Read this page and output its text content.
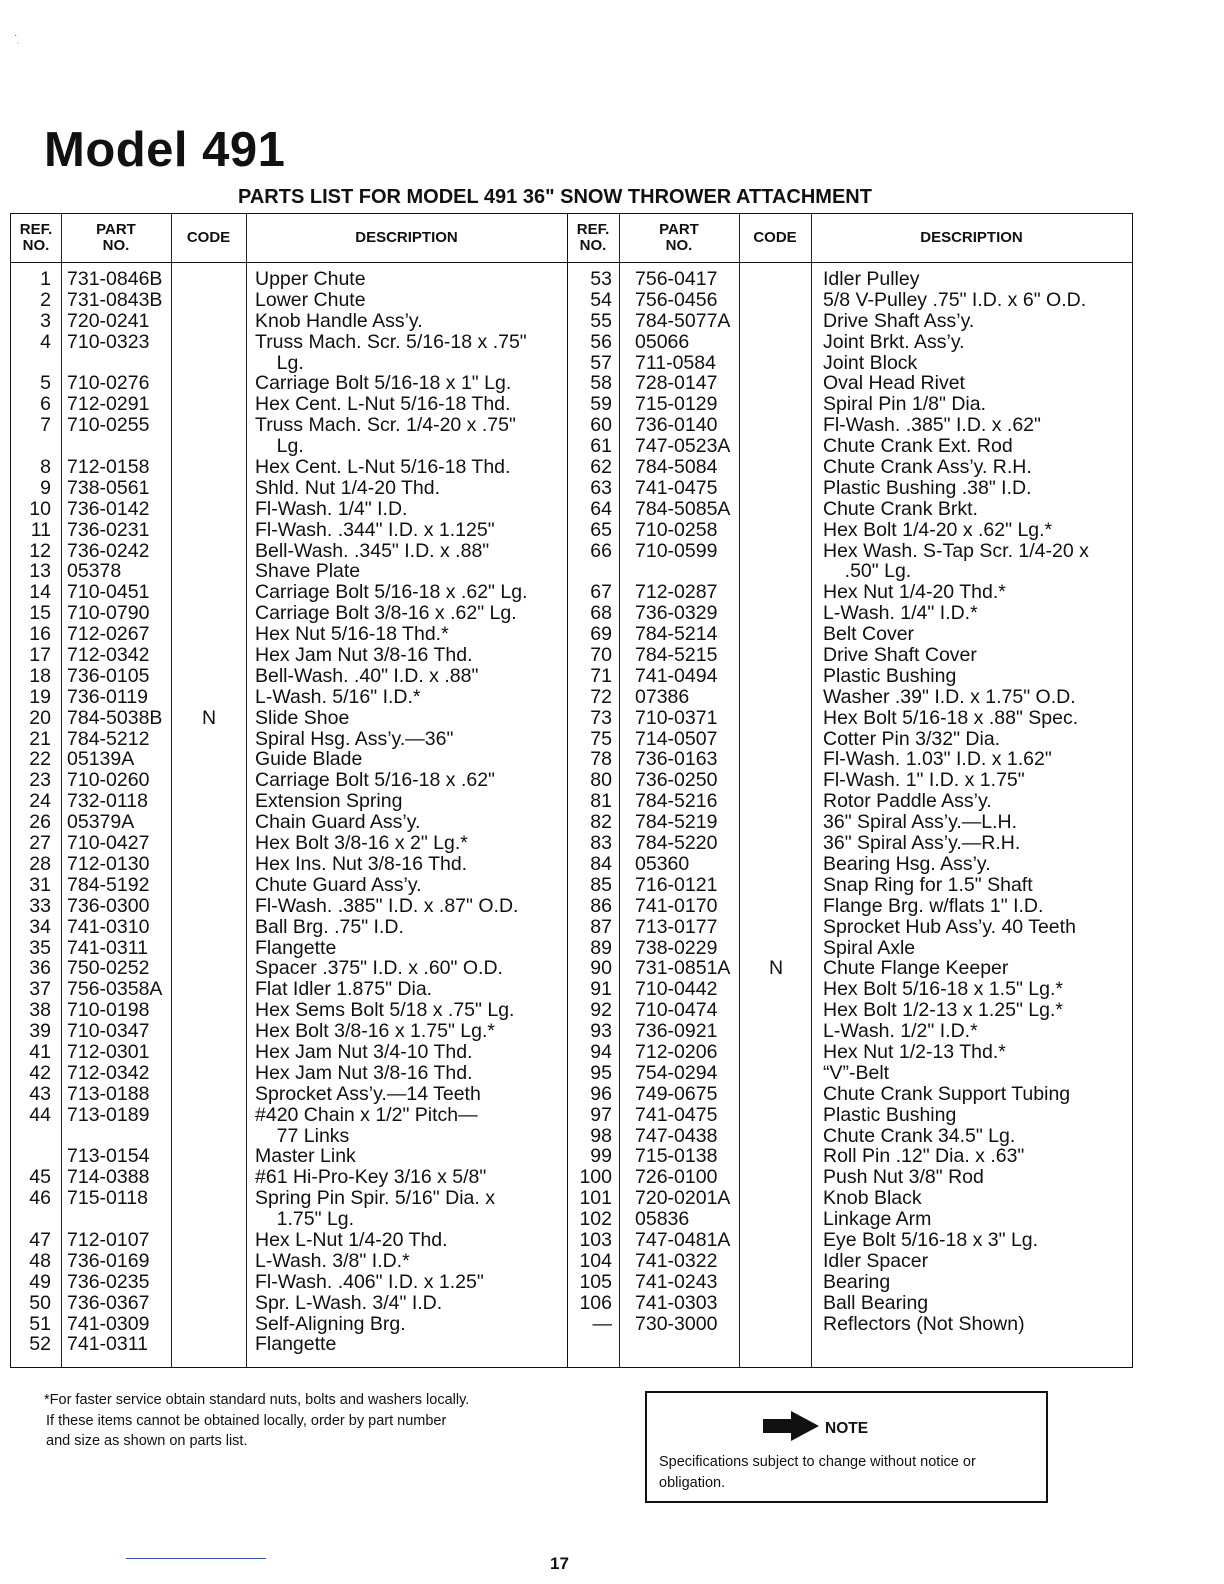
·
˙
Model 491
PARTS LIST FOR MODEL 491 36" SNOW THROWER ATTACHMENT
REF.
NO.
PART
NO.	CODE	DESCRIPTION	REF.
NO.
PART
NO.	CODE	DESCRIPTION
1 731-0846B	Upper Chute
2 731-0843B	Lower Chute
3 720-0241	Knob Handle Ass’y.
4 710-0323	Truss Mach. Scr. 5/16-18 x .75"
Lg.
5 710-0276	Carriage Bolt 5/16-18 x 1" Lg.
6 712-0291	Hex Cent. L-Nut 5/16-18 Thd.
7 710-0255	Truss Mach. Scr. 1/4-20 x .75"
Lg.
8 712-0158	Hex Cent. L-Nut 5/16-18 Thd.
9 738-0561	Shld. Nut 1/4-20 Thd.
10 736-0142	Fl-Wash. 1/4" I.D.
11 736-0231	Fl-Wash. .344" I.D. x 1.125"
12 736-0242	Bell-Wash. .345" I.D. x .88"
13 05378	Shave Plate
14 710-0451	Carriage Bolt 5/16-18 x .62" Lg.
15 710-0790	Carriage Bolt 3/8-16 x .62" Lg.
16 712-0267	Hex Nut 5/16-18 Thd.*
17 712-0342	Hex Jam Nut 3/8-16 Thd.
18 736-0105	Bell-Wash. .40" I.D. x .88"
19 736-0119	L-Wash. 5/16" I.D.*
20 784-5038B	N	Slide Shoe
21 784-5212	Spiral Hsg. Ass’y.—36"
22 05139A	Guide Blade
23 710-0260	Carriage Bolt 5/16-18 x .62"
24 732-0118	Extension Spring
26 05379A	Chain Guard Ass’y.
27 710-0427	Hex Bolt 3/8-16 x 2" Lg.*
28 712-0130	Hex Ins. Nut 3/8-16 Thd.
31 784-5192	Chute Guard Ass’y.
33 736-0300	Fl-Wash. .385" I.D. x .87" O.D.
34 741-0310	Ball Brg. .75" I.D.
35 741-0311	Flangette
36 750-0252	Spacer .375" I.D. x .60" O.D.
37 756-0358A	Flat Idler 1.875" Dia.
38 710-0198	Hex Sems Bolt 5/18 x .75" Lg.
39 710-0347	Hex Bolt 3/8-16 x 1.75" Lg.*
41 712-0301	Hex Jam Nut 3/4-10 Thd.
42 712-0342	Hex Jam Nut 3/8-16 Thd.
43 713-0188	Sprocket Ass’y.—14 Teeth
44 713-0189	#420 Chain x 1/2" Pitch—
77 Links
713-0154	Master Link
45 714-0388	#61 Hi-Pro-Key 3/16 x 5/8"
46 715-0118	Spring Pin Spir. 5/16" Dia. x
1.75" Lg.
47 712-0107	Hex L-Nut 1/4-20 Thd.
48 736-0169	L-Wash. 3/8" I.D.*
49 736-0235	Fl-Wash. .406" I.D. x 1.25"
50 736-0367	Spr. L-Wash. 3/4" I.D.
51 741-0309	Self-Aligning Brg.
52 741-0311	Flangette
53 756-0417	Idler Pulley
54 756-0456	5/8 V-Pulley .75" I.D. x 6" O.D.
55 784-5077A	Drive Shaft Ass’y.
56 05066	Joint Brkt. Ass’y.
57 711-0584	Joint Block
58 728-0147	Oval Head Rivet
59 715-0129	Spiral Pin 1/8" Dia.
60 736-0140	Fl-Wash. .385" I.D. x .62"
61 747-0523A	Chute Crank Ext. Rod
62 784-5084	Chute Crank Ass’y. R.H.
63 741-0475	Plastic Bushing .38" I.D.
64 784-5085A	Chute Crank Brkt.
65 710-0258	Hex Bolt 1/4-20 x .62" Lg.*
66 710-0599	Hex Wash. S-Tap Scr. 1/4-20 x
.50" Lg.
67 712-0287	Hex Nut 1/4-20 Thd.*
68 736-0329	L-Wash. 1/4" I.D.*
69 784-5214	Belt Cover
70 784-5215	Drive Shaft Cover
71 741-0494	Plastic Bushing
72 07386	Washer .39" I.D. x 1.75" O.D.
73 710-0371	Hex Bolt 5/16-18 x .88" Spec.
75 714-0507	Cotter Pin 3/32" Dia.
78 736-0163	Fl-Wash. 1.03" I.D. x 1.62"
80 736-0250	Fl-Wash. 1" I.D. x 1.75"
81 784-5216	Rotor Paddle Ass’y.
82 784-5219	36" Spiral Ass’y.—L.H.
83 784-5220	36" Spiral Ass’y.—R.H.
84 05360	Bearing Hsg. Ass’y.
85 716-0121	Snap Ring for 1.5" Shaft
86 741-0170	Flange Brg. w/flats 1" I.D.
87 713-0177	Sprocket Hub Ass’y. 40 Teeth
89 738-0229	Spiral Axle
90 731-0851A	N	Chute Flange Keeper
91 710-0442	Hex Bolt 5/16-18 x 1.5" Lg.*
92 710-0474	Hex Bolt 1/2-13 x 1.25" Lg.*
93 736-0921	L-Wash. 1/2" I.D.*
94 712-0206	Hex Nut 1/2-13 Thd.*
95 754-0294	“V”-Belt
96 749-0675	Chute Crank Support Tubing
97 741-0475	Plastic Bushing
98 747-0438	Chute Crank 34.5" Lg.
99 715-0138	Roll Pin .12" Dia. x .63"
100 726-0100	Push Nut 3/8" Rod
101 720-0201A	Knob Black
102 05836	Linkage Arm
103 747-0481A	Eye Bolt 5/16-18 x 3" Lg.
104 741-0322	Idler Spacer
105 741-0243	Bearing
106 741-0303	Ball Bearing
— 730-3000	Reflectors (Not Shown)
*For faster service obtain standard nuts, bolts and washers locally.
If these items cannot be obtained locally, order by part number
and size as shown on parts list.
NOTE
Specifications subject to change without notice or obligation.
17
